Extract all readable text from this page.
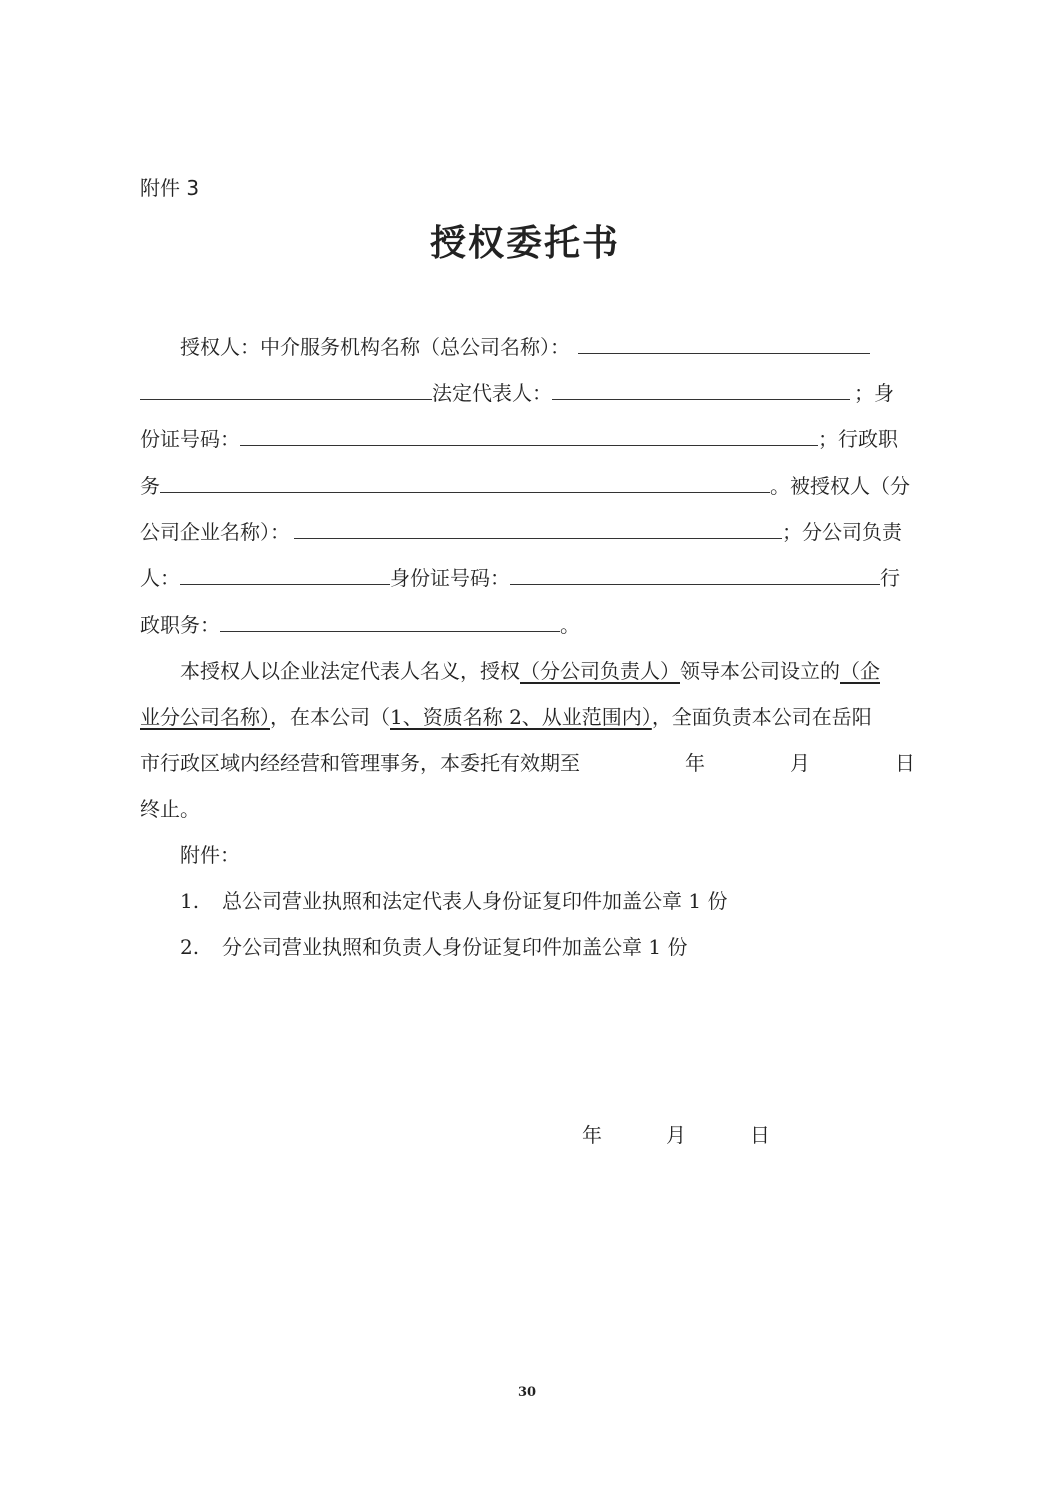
附件 3
授权委托书
授权人：中介服务机构名称（总公司名称）：
法定代表人：	；身
份证号码：	；行政职
务	。被授权人（分
公司企业名称）：	；分公司负责
人：	身份证号码：	行
政职务：	。
本授权人以企业法定代表人名义，授权（分公司负责人）领导本公司设立的（企
业分公司名称），在本公司（1、资质名称 2、从业范围内），全面负责本公司在岳阳
市行政区域内经经营和管理事务，本委托有效期至	年	月	日
终止。
附件：
1. 总公司营业执照和法定代表人身份证复印件加盖公章 1 份
2. 分公司营业执照和负责人身份证复印件加盖公章 1 份
年	月	日
30
